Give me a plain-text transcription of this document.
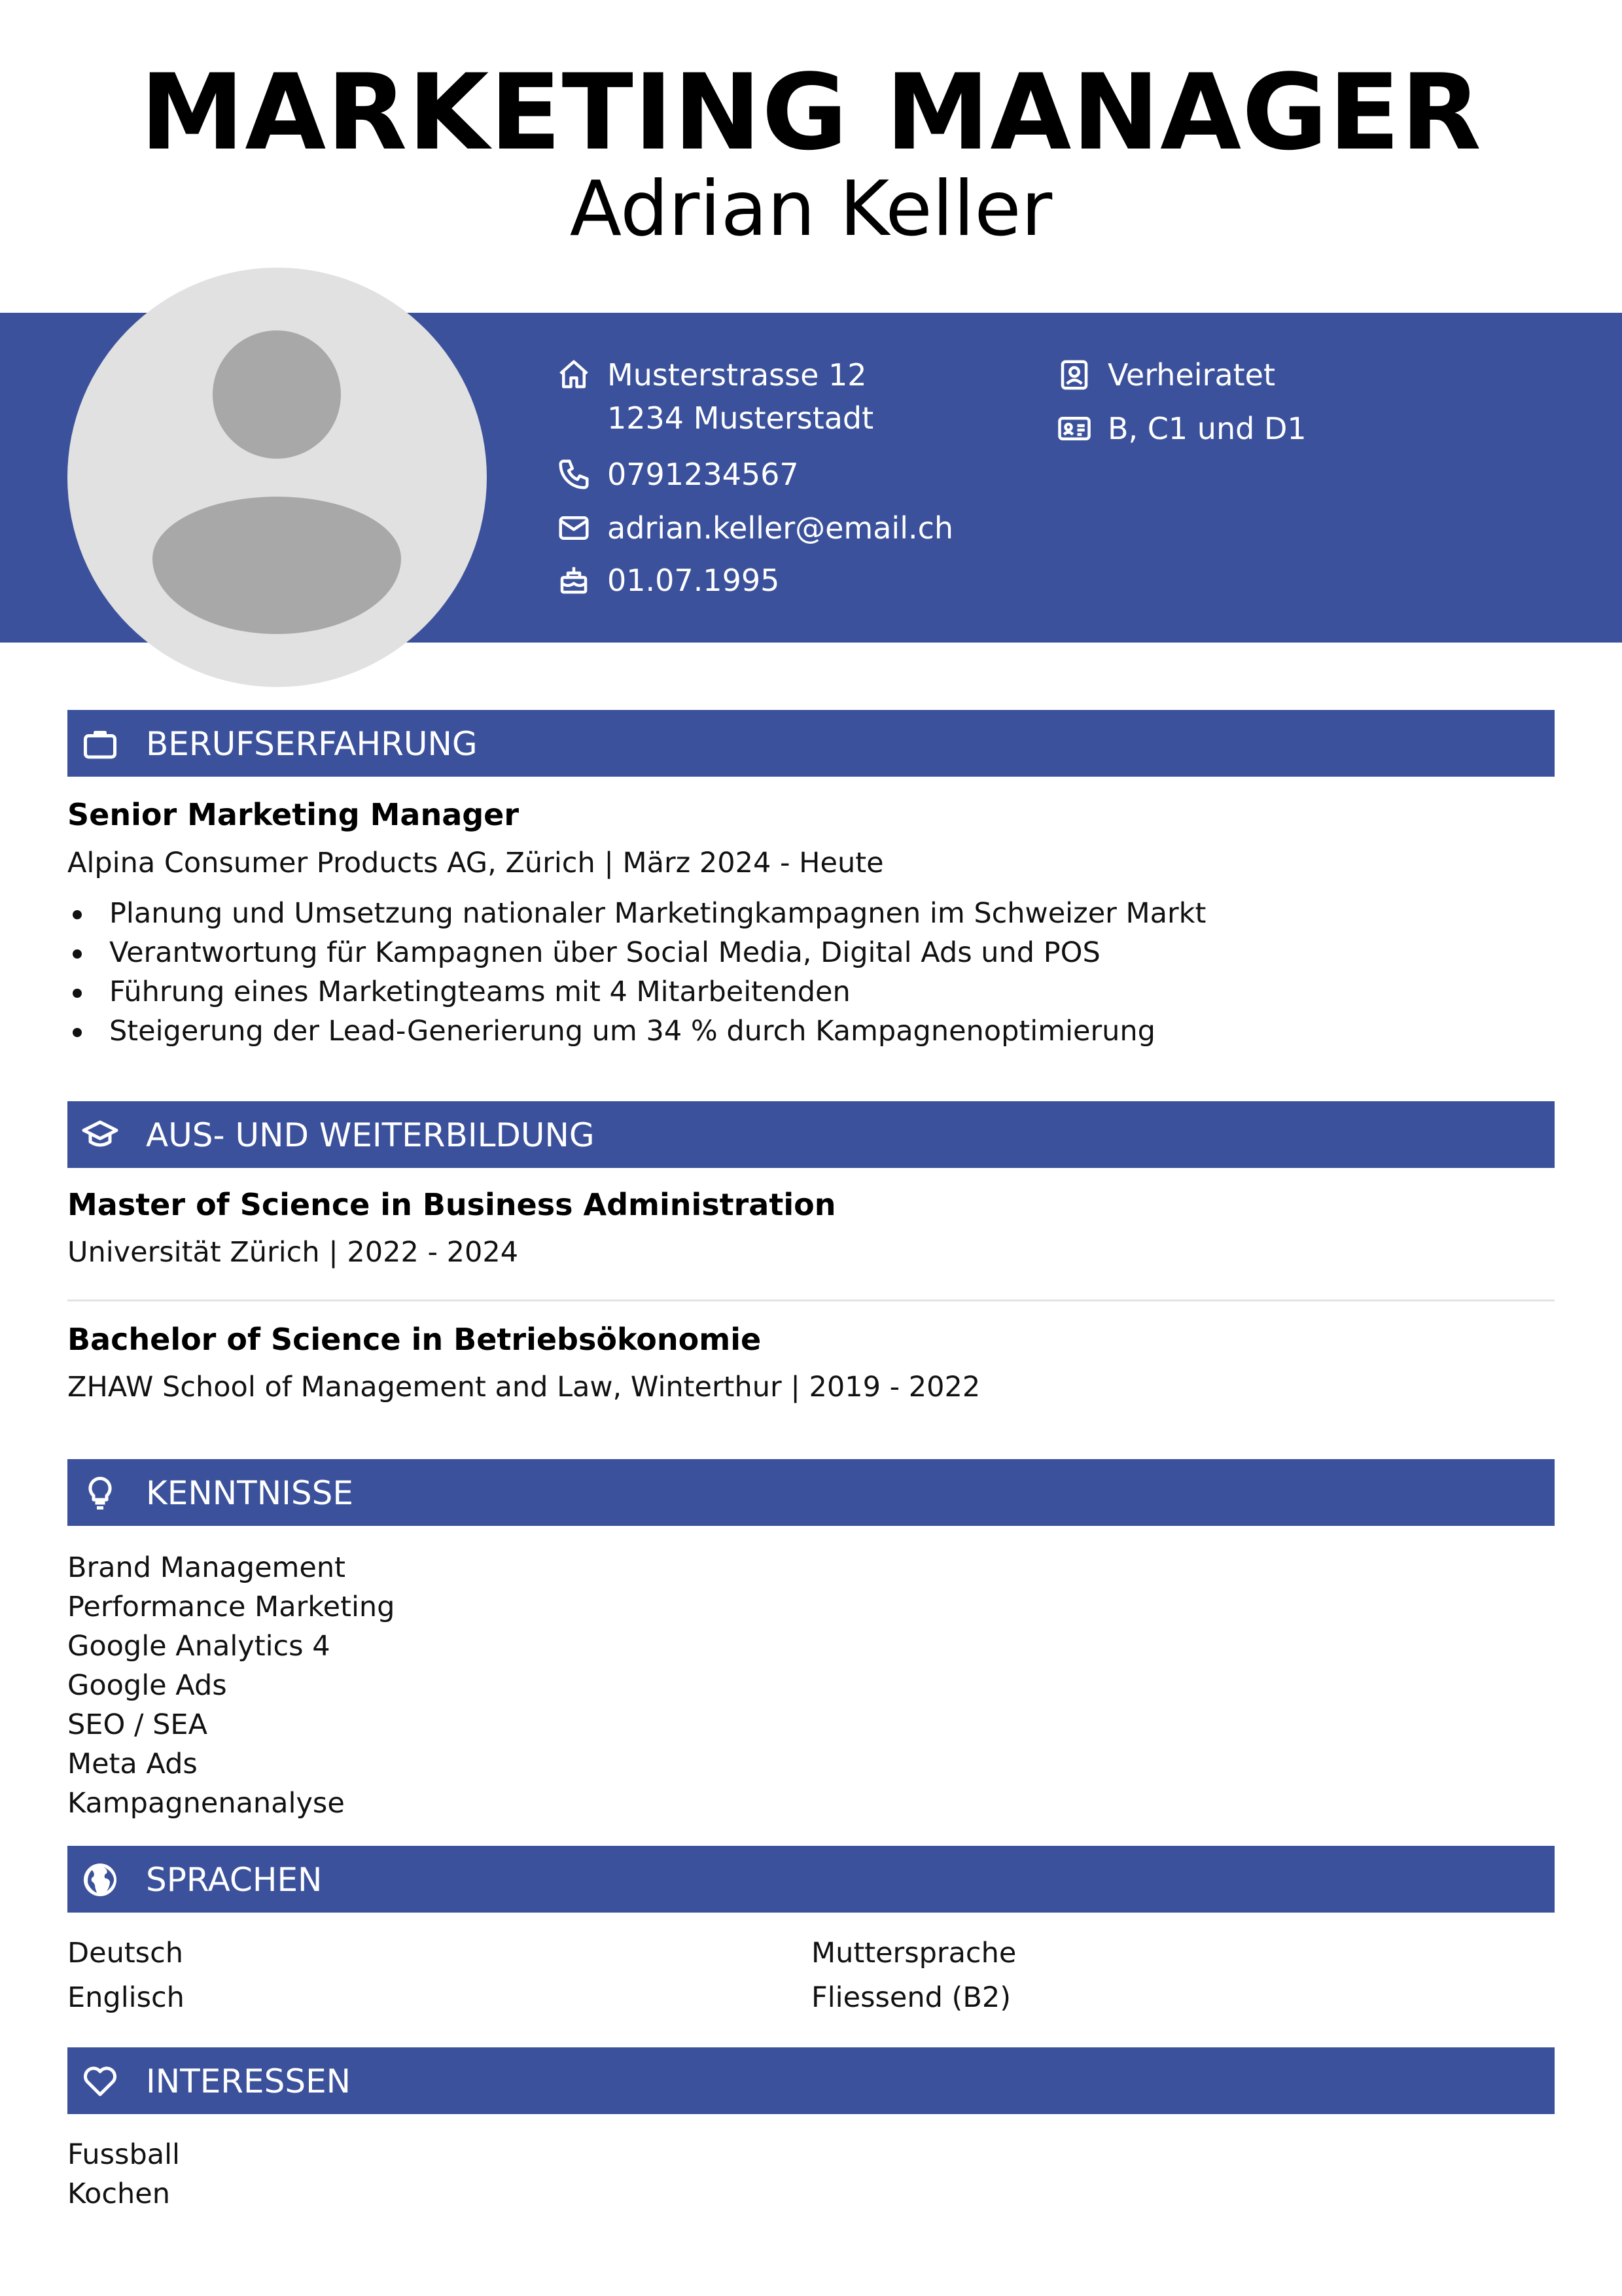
MARKETING MANAGER
Adrian Keller
Musterstrasse 12
1234 Musterstadt
0791234567
adrian.keller@email.ch
01.07.1995
Verheiratet
B, C1 und D1
BERUFSERFAHRUNG
Senior Marketing Manager
Alpina Consumer Products AG, Zürich | März 2024 - Heute
Planung und Umsetzung nationaler Marketingkampagnen im Schweizer Markt
Verantwortung für Kampagnen über Social Media, Digital Ads und POS
Führung eines Marketingteams mit 4 Mitarbeitenden
Steigerung der Lead-Generierung um 34 % durch Kampagnenoptimierung
AUS- UND WEITERBILDUNG
Master of Science in Business Administration
Universität Zürich | 2022 - 2024
Bachelor of Science in Betriebsökonomie
ZHAW School of Management and Law, Winterthur | 2019 - 2022
KENNTNISSE
Brand Management
Performance Marketing
Google Analytics 4
Google Ads
SEO / SEA
Meta Ads
Kampagnenanalyse
SPRACHEN
Deutsch	Muttersprache
Englisch	Fliessend (B2)
INTERESSEN
Fussball
Kochen
